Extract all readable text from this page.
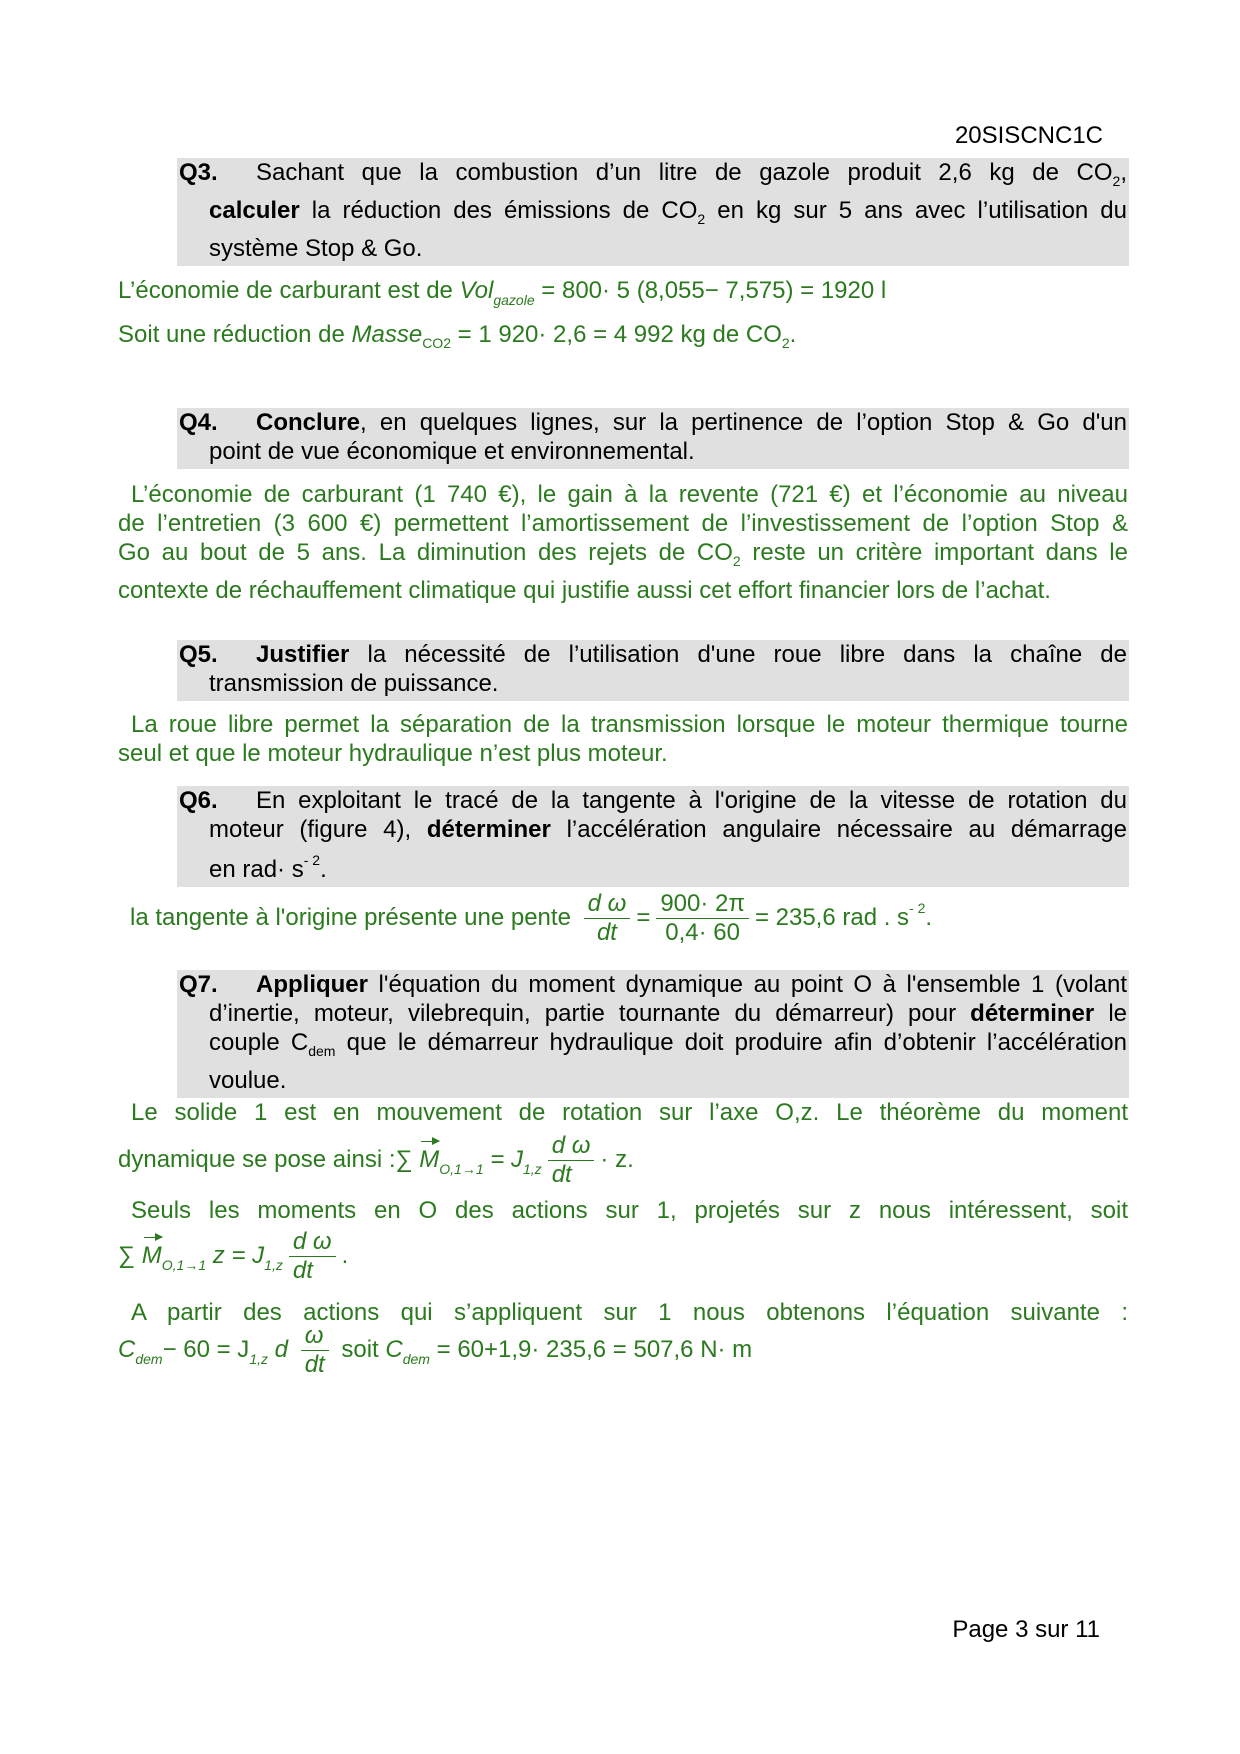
20SISCNC1C
Q3. Sachant que la combustion d’un litre de gazole produit 2,6 kg de $CO_2$,
calculer la réduction des émissions de $CO_2$ en kg sur 5 ans avec l’utilisation du
système Stop & Go.
L’économie de carburant est de Vol$_{gazole}$ = 800· 5 (8,055− 7,575) = 1920 l
Soit une réduction de Masse$_{CO2}$ = 1 920· 2,6 = 4 992 kg de $CO_2$.
Q4. Conclure, en quelques lignes, sur la pertinence de l’option Stop & Go d'un
point de vue économique et environnemental.
L’économie de carburant (1 740 €), le gain à la revente (721 €) et l’économie au niveau
de l’entretien (3 600 €) permettent l’amortissement de l’investissement de l’option Stop &
Go au bout de 5 ans. La diminution des rejets de $CO_2$ reste un critère important dans le
contexte de réchauffement climatique qui justifie aussi cet effort financier lors de l’achat.
Q5. Justifier la nécessité de l’utilisation d'une roue libre dans la chaîne de
transmission de puissance.
La roue libre permet la séparation de la transmission lorsque le moteur thermique tourne
seul et que le moteur hydraulique n’est plus moteur.
Q6. En exploitant le tracé de la tangente à l'origine de la vitesse de rotation du
moteur (figure 4), déterminer l’accélération angulaire nécessaire au démarrage
en $rad\cdot s^{- 2}$.
la tangente à l'origine présente une pente $\frac{\text{d ω}}{dt} = \frac{900\cdot 2\pi}{0,4\cdot 60} = 235,6$ rad . $s^{- 2}$.
Q7. Appliquer l'équation du moment dynamique au point O à l'ensemble 1 (volant
d’inertie, moteur, vilebrequin, partie tournante du démarreur) pour déterminer le
couple $C_{dem}$ que le démarreur hydraulique doit produire afin d’obtenir l’accélération
voulue.
Le solide 1 est en mouvement de rotation sur l’axe O,z. Le théorème du moment
dynamique se pose ainsi :∑ $M_{O,1\to 1} = J_{1,z} \frac{\text{d ω}}{dt} \cdot z$.
Seuls les moments en O des actions sur 1, projetés sur z nous intéressent, soit
∑ $M_{O,1\to 1}$ $z = J_{1,z} \frac{\text{d ω}}{dt}$ .
A partir des actions qui s’appliquent sur 1 nous obtenons l’équation suivante :
$C_{dem}- 60 = J_{1,z}$ d $\frac{\omega}{dt}$ soit $C_{dem} = 60+1,9\cdot 235,6 = 507,6$ N· m
Page 3 sur 11
